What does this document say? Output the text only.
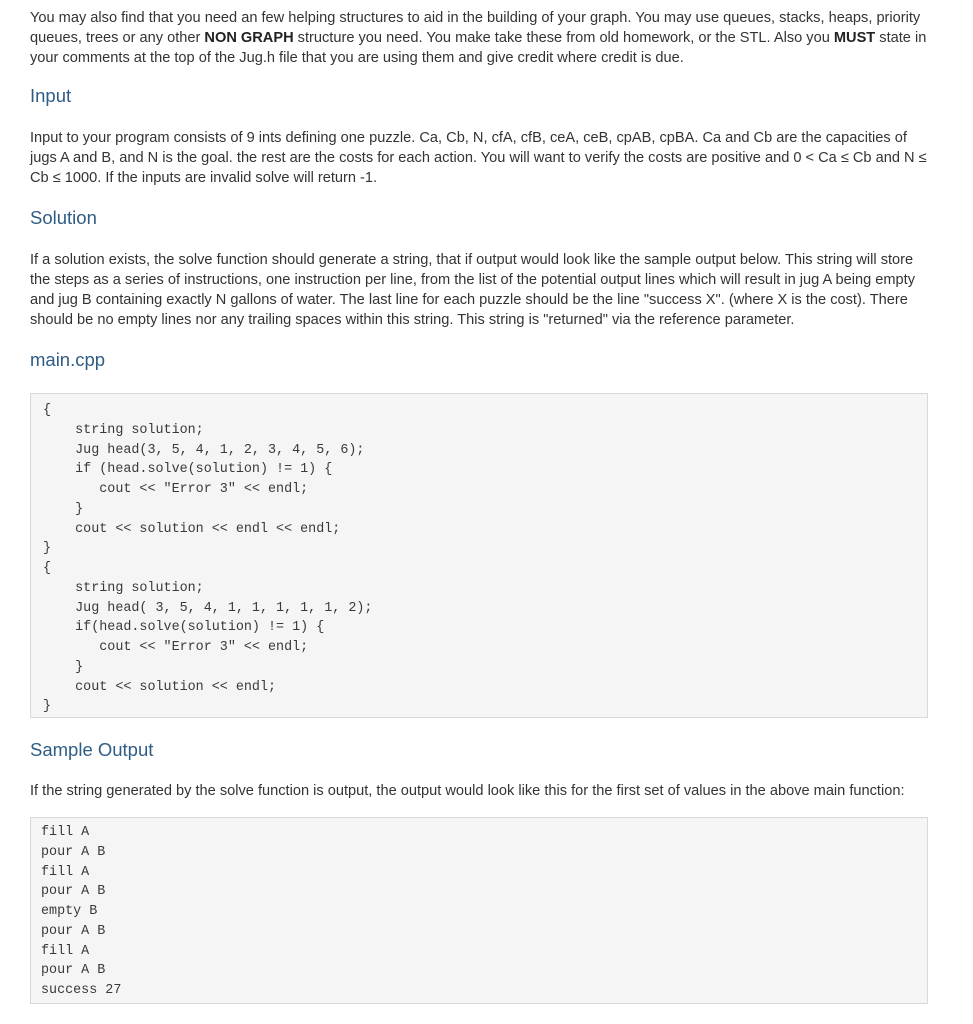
You may also find that you need an few helping structures to aid in the building of your graph. You may use queues, stacks, heaps, priority queues, trees or any other NON GRAPH structure you need. You make take these from old homework, or the STL. Also you MUST state in your comments at the top of the Jug.h file that you are using them and give credit where credit is due.

Input

Input to your program consists of 9 ints defining one puzzle. Ca, Cb, N, cfA, cfB, ceA, ceB, cpAB, cpBA. Ca and Cb are the capacities of jugs A and B, and N is the goal. the rest are the costs for each action. You will want to verify the costs are positive and 0 < Ca ≤ Cb and N ≤ Cb ≤ 1000. If the inputs are invalid solve will return -1.

Solution

If a solution exists, the solve function should generate a string, that if output would look like the sample output below. This string will store the steps as a series of instructions, one instruction per line, from the list of the potential output lines which will result in jug A being empty and jug B containing exactly N gallons of water. The last line for each puzzle should be the line "success X". (where X is the cost). There should be no empty lines nor any trailing spaces within this string. This string is "returned" via the reference parameter.

main.cpp
{
string solution;
Jug head(3, 5, 4, 1, 2, 3, 4, 5, 6);
if (head.solve(solution) != 1) {
cout << "Error 3" << endl;
}
cout << solution << endl << endl;
}
{
string solution;
Jug head( 3, 5, 4, 1, 1, 1, 1, 1, 2);
if(head.solve(solution) != 1) {
cout << "Error 3" << endl;
}
cout << solution << endl;
}
Sample Output

If the string generated by the solve function is output, the output would look like this for the first set of values in the above main function:

fill A
pour A B
fill A
pour A B
empty B
pour A B
fill A
pour A B
success 27
